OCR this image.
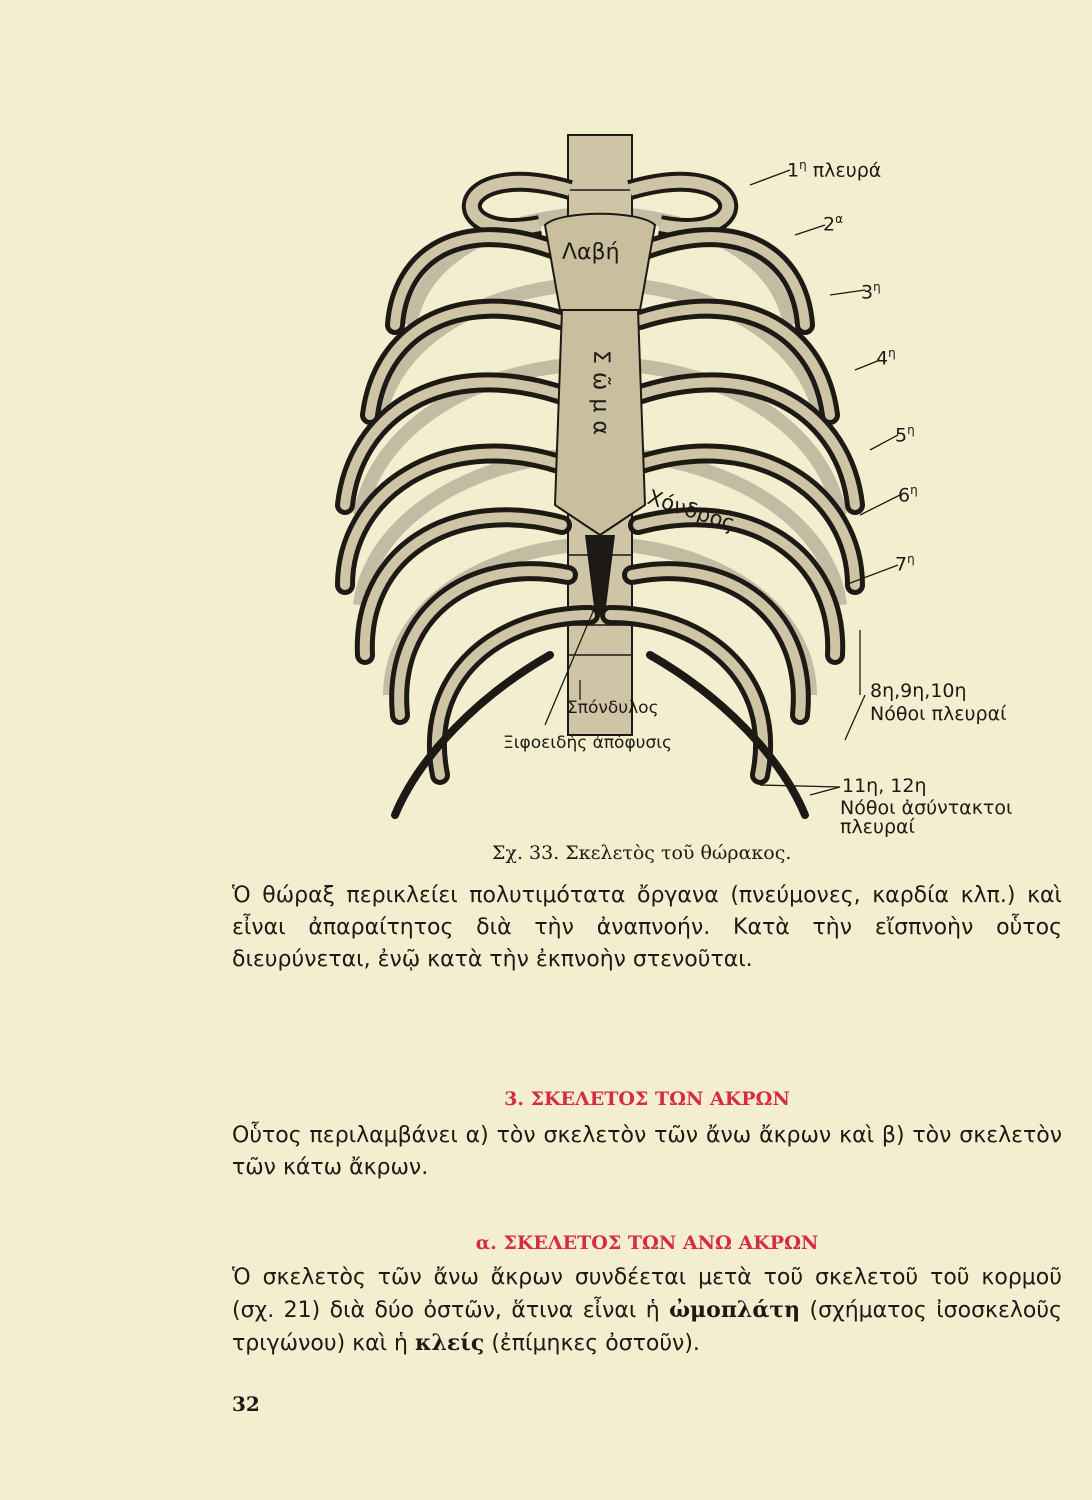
$1^\eta$ πλευρά
$2^\alpha$
$3^\eta$
$4^\eta$
$5^\eta$
$6^\eta$
$7^\eta$
8η,9η,10η
Νόθοι πλευραί
11η, 12η
Νόθοι ἀσύντακτοι
πλευραί
Λαβή
Σῶμα
Χόνδρος
Σπόνδυλος
Ξιφοειδὴς ἀπόφυσις
Σχ. 33. Σκελετὸς τοῦ θώρακος.

Ὁ θώραξ περικλείει πολυτιμότατα ὄργανα (πνεύμονες, καρδία κλπ.) καὶ εἶναι ἀπαραίτητος διὰ τὴν ἀναπνοήν. Κατὰ τὴν εἴσπνοὴν οὗτος διευρύνεται, ἐνῷ κατὰ τὴν ἐκπνοὴν στενοῦται.

3. ΣΚΕΛΕΤΟΣ ΤΩΝ ΑΚΡΩΝ

Οὗτος περιλαμβάνει α) τὸν σκελετὸν τῶν ἄνω ἄκρων καὶ β) τὸν σκελετὸν τῶν κάτω ἄκρων.

α. ΣΚΕΛΕΤΟΣ ΤΩΝ ΑΝΩ ΑΚΡΩΝ

Ὁ σκελετὸς τῶν ἄνω ἄκρων συνδέεται μετὰ τοῦ σκελετοῦ τοῦ κορμοῦ (σχ. 21) διὰ δύο ὀστῶν, ἅτινα εἶναι ἡ ὠμοπλάτη (σχήματος ἰσοσκελοῦς τριγώνου) καὶ ἡ κλείς (ἐπίμηκες ὀστοῦν).

32
